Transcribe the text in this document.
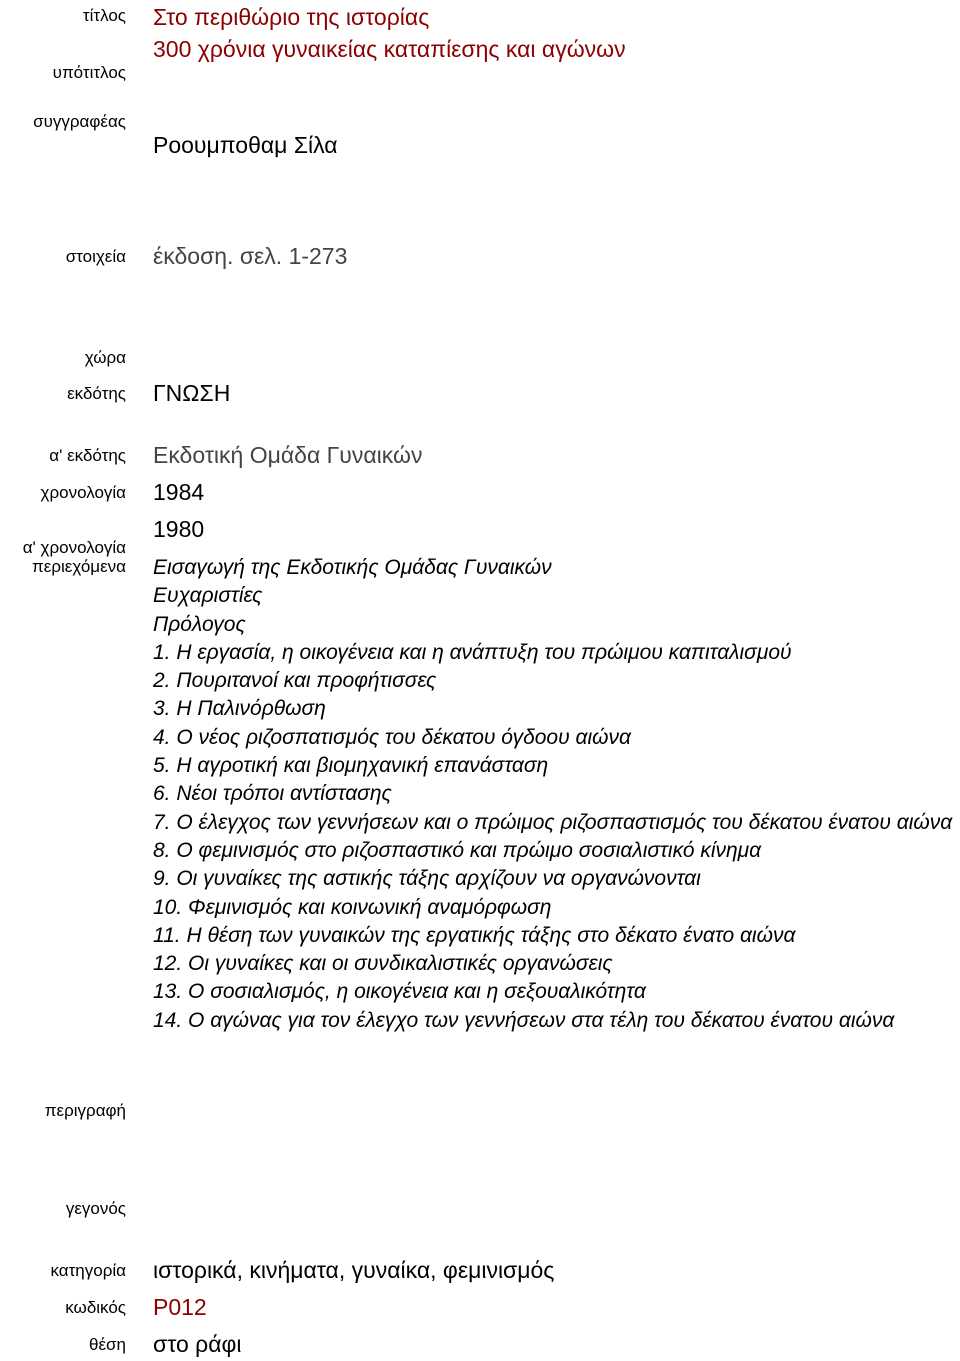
τίτλος
υπότιτλος
συγγραφέας
στοιχεία
χώρα
εκδότης
α' εκδότης
χρονολογία
α' χρονολογία
περιεχόμενα
περιγραφή
γεγονός
κατηγορία
κωδικός
θέση
Στο περιθώριο της ιστορίας
300 χρόνια γυναικείας καταπίεσης και αγώνων
Ροουμποθαμ Σίλα
έκδοση. σελ. 1-273
ΓΝΩΣΗ
Εκδοτική Ομάδα Γυναικών
1984
1980
Εισαγωγή της Εκδοτικής Ομάδας Γυναικών
Ευχαριστίες
Πρόλογος
1. Η εργασία, η οικογένεια και η ανάπτυξη του πρώιμου καπιταλισμού
2. Πουριτανοί και προφήτισσες
3. Η Παλινόρθωση
4. Ο νέος ριζοσπατισμός του δέκατου όγδοου αιώνα
5. Η αγροτική και βιομηχανική επανάσταση
6. Νέοι τρόποι αντίστασης
7. Ο έλεγχος των γεννήσεων και ο πρώιμος ριζοσπαστισμός του δέκατου ένατου αιώνα
8. Ο φεμινισμός στο ριζοσπαστικό και πρώιμο σοσιαλιστικό κίνημα
9. Οι γυναίκες της αστικής τάξης αρχίζουν να οργανώνονται
10. Φεμινισμός και κοινωνική αναμόρφωση
11. Η θέση των γυναικών της εργατικής τάξης στο δέκατο ένατο αιώνα
12. Οι γυναίκες και οι συνδικαλιστικές οργανώσεις
13. Ο σοσιαλισμός, η οικογένεια και η σεξουαλικότητα
14. Ο αγώνας για τον έλεγχο των γεννήσεων στα τέλη του δέκατου ένατου αιώνα
ιστορικά, κινήματα, γυναίκα, φεμινισμός
P012
στο ράφι
